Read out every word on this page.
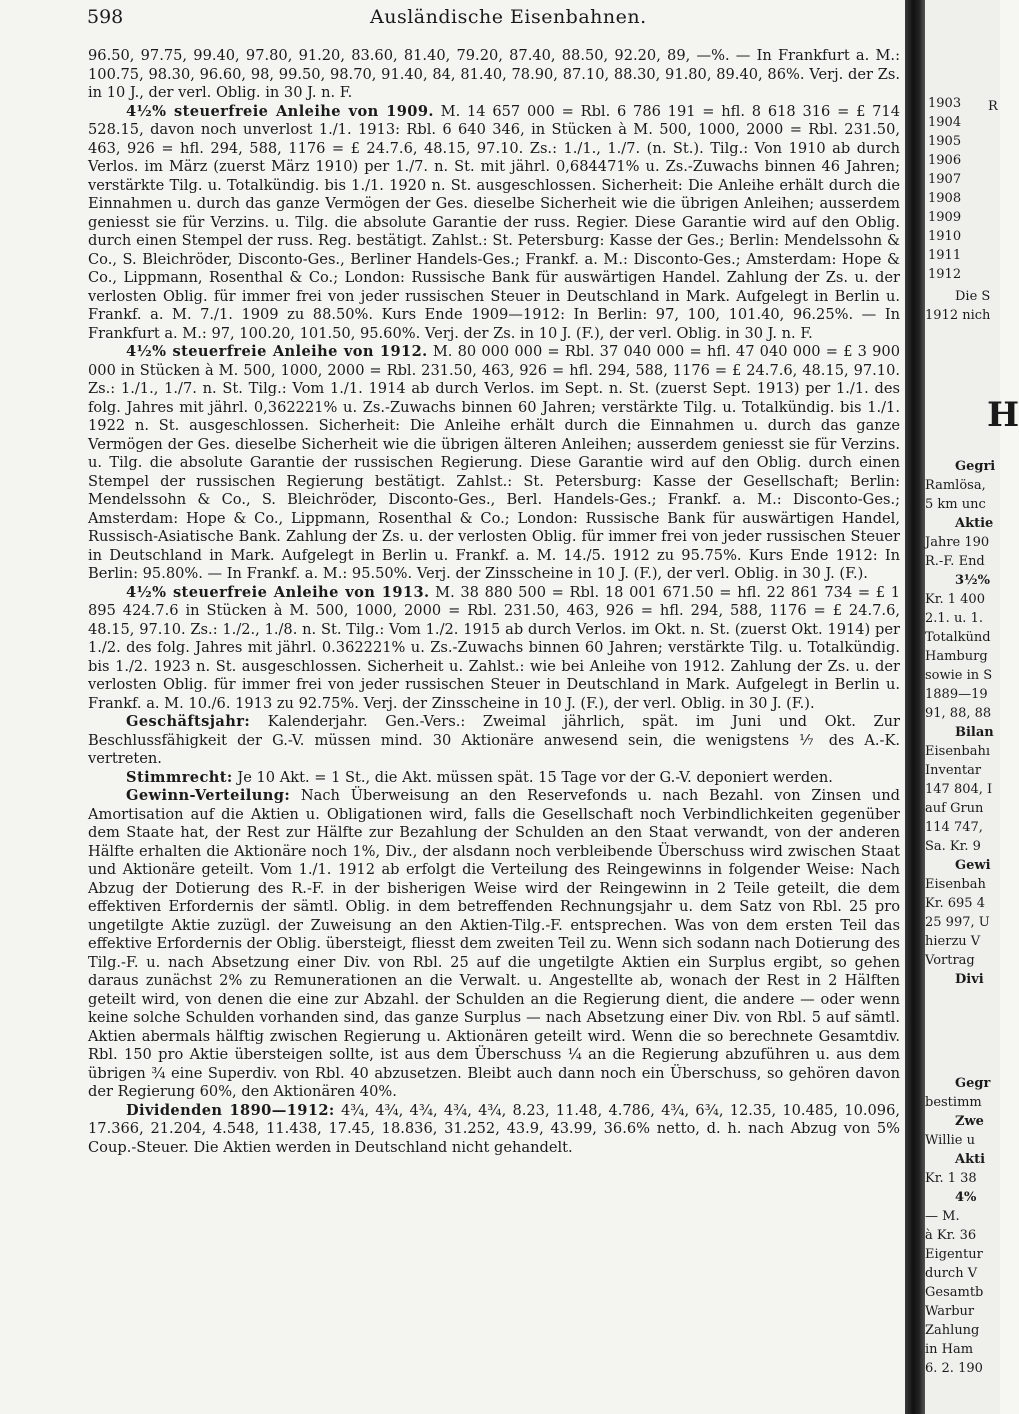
598	Ausländische Eisenbahnen.

96.50, 97.75, 99.40, 97.80, 91.20, 83.60, 81.40, 79.20, 87.40, 88.50, 92.20, 89, —%. — In Frankfurt a. M.: 100.75, 98.30, 96.60, 98, 99.50, 98.70, 91.40, 84, 81.40, 78.90, 87.10, 88.30, 91.80, 89.40, 86%. Verj. der Zs. in 10 J., der verl. Oblig. in 30 J. n. F.

4½% steuerfreie Anleihe von 1909. M. 14 657 000 = Rbl. 6 786 191 = hfl. 8 618 316 = £ 714 528.15, davon noch unverlost 1./1. 1913: Rbl. 6 640 346, in Stücken à M. 500, 1000, 2000 = Rbl. 231.50, 463, 926 = hfl. 294, 588, 1176 = £ 24.7.6, 48.15, 97.10. Zs.: 1./1., 1./7. (n. St.). Tilg.: Von 1910 ab durch Verlos. im März (zuerst März 1910) per 1./7. n. St. mit jährl. 0,684471% u. Zs.-Zuwachs binnen 46 Jahren; verstärkte Tilg. u. Totalkündig. bis 1./1. 1920 n. St. ausgeschlossen. Sicherheit: Die Anleihe erhält durch die Einnahmen u. durch das ganze Vermögen der Ges. dieselbe Sicherheit wie die übrigen Anleihen; ausserdem geniesst sie für Verzins. u. Tilg. die absolute Garantie der russ. Regier. Diese Garantie wird auf den Oblig. durch einen Stempel der russ. Reg. bestätigt. Zahlst.: St. Petersburg: Kasse der Ges.; Berlin: Mendelssohn & Co., S. Bleichröder, Disconto-Ges., Berliner Handels-Ges.; Frankf. a. M.: Disconto-Ges.; Amsterdam: Hope & Co., Lippmann, Rosenthal & Co.; London: Russische Bank für auswärtigen Handel. Zahlung der Zs. u. der verlosten Oblig. für immer frei von jeder russischen Steuer in Deutschland in Mark. Aufgelegt in Berlin u. Frankf. a. M. 7./1. 1909 zu 88.50%. Kurs Ende 1909—1912: In Berlin: 97, 100, 101.40, 96.25%. — In Frankfurt a. M.: 97, 100.20, 101.50, 95.60%. Verj. der Zs. in 10 J. (F.), der verl. Oblig. in 30 J. n. F.

4½% steuerfreie Anleihe von 1912. M. 80 000 000 = Rbl. 37 040 000 = hfl. 47 040 000 = £ 3 900 000 in Stücken à M. 500, 1000, 2000 = Rbl. 231.50, 463, 926 = hfl. 294, 588, 1176 = £ 24.7.6, 48.15, 97.10. Zs.: 1./1., 1./7. n. St. Tilg.: Vom 1./1. 1914 ab durch Verlos. im Sept. n. St. (zuerst Sept. 1913) per 1./1. des folg. Jahres mit jährl. 0,362221% u. Zs.-Zuwachs binnen 60 Jahren; verstärkte Tilg. u. Totalkündig. bis 1./1. 1922 n. St. ausgeschlossen. Sicherheit: Die Anleihe erhält durch die Einnahmen u. durch das ganze Vermögen der Ges. dieselbe Sicherheit wie die übrigen älteren Anleihen; ausserdem geniesst sie für Verzins. u. Tilg. die absolute Garantie der russischen Regierung. Diese Garantie wird auf den Oblig. durch einen Stempel der russischen Regierung bestätigt. Zahlst.: St. Petersburg: Kasse der Gesellschaft; Berlin: Mendelssohn & Co., S. Bleichröder, Disconto-Ges., Berl. Handels-Ges.; Frankf. a. M.: Disconto-Ges.; Amsterdam: Hope & Co., Lippmann, Rosenthal & Co.; London: Russische Bank für auswärtigen Handel, Russisch-Asiatische Bank. Zahlung der Zs. u. der verlosten Oblig. für immer frei von jeder russischen Steuer in Deutschland in Mark. Aufgelegt in Berlin u. Frankf. a. M. 14./5. 1912 zu 95.75%. Kurs Ende 1912: In Berlin: 95.80%. — In Frankf. a. M.: 95.50%. Verj. der Zinsscheine in 10 J. (F.), der verl. Oblig. in 30 J. (F.).

4½% steuerfreie Anleihe von 1913. M. 38 880 500 = Rbl. 18 001 671.50 = hfl. 22 861 734 = £ 1 895 424.7.6 in Stücken à M. 500, 1000, 2000 = Rbl. 231.50, 463, 926 = hfl. 294, 588, 1176 = £ 24.7.6, 48.15, 97.10. Zs.: 1./2., 1./8. n. St. Tilg.: Vom 1./2. 1915 ab durch Verlos. im Okt. n. St. (zuerst Okt. 1914) per 1./2. des folg. Jahres mit jährl. 0.362221% u. Zs.-Zuwachs binnen 60 Jahren; verstärkte Tilg. u. Totalkündig. bis 1./2. 1923 n. St. ausgeschlossen. Sicherheit u. Zahlst.: wie bei Anleihe von 1912. Zahlung der Zs. u. der verlosten Oblig. für immer frei von jeder russischen Steuer in Deutschland in Mark. Aufgelegt in Berlin u. Frankf. a. M. 10./6. 1913 zu 92.75%. Verj. der Zinsscheine in 10 J. (F.), der verl. Oblig. in 30 J. (F.).

Geschäftsjahr: Kalenderjahr. Gen.-Vers.: Zweimal jährlich, spät. im Juni und Okt. Zur Beschlussfähigkeit der G.-V. müssen mind. 30 Aktionäre anwesend sein, die wenigstens ⅐ des A.-K. vertreten.

Stimmrecht: Je 10 Akt. = 1 St., die Akt. müssen spät. 15 Tage vor der G.-V. deponiert werden.

Gewinn-Verteilung: Nach Überweisung an den Reservefonds u. nach Bezahl. von Zinsen und Amortisation auf die Aktien u. Obligationen wird, falls die Gesellschaft noch Verbindlichkeiten gegenüber dem Staate hat, der Rest zur Hälfte zur Bezahlung der Schulden an den Staat verwandt, von der anderen Hälfte erhalten die Aktionäre noch 1%, Div., der alsdann noch verbleibende Überschuss wird zwischen Staat und Aktionäre geteilt. Vom 1./1. 1912 ab erfolgt die Verteilung des Reingewinns in folgender Weise: Nach Abzug der Dotierung des R.-F. in der bisherigen Weise wird der Reingewinn in 2 Teile geteilt, die dem effektiven Erfordernis der sämtl. Oblig. in dem betreffenden Rechnungsjahr u. dem Satz von Rbl. 25 pro ungetilgte Aktie zuzügl. der Zuweisung an den Aktien-Tilg.-F. entsprechen. Was von dem ersten Teil das effektive Erfordernis der Oblig. übersteigt, fliesst dem zweiten Teil zu. Wenn sich sodann nach Dotierung des Tilg.-F. u. nach Absetzung einer Div. von Rbl. 25 auf die ungetilgte Aktien ein Surplus ergibt, so gehen daraus zunächst 2% zu Remunerationen an die Verwalt. u. Angestellte ab, wonach der Rest in 2 Hälften geteilt wird, von denen die eine zur Abzahl. der Schulden an die Regierung dient, die andere — oder wenn keine solche Schulden vorhanden sind, das ganze Surplus — nach Absetzung einer Div. von Rbl. 5 auf sämtl. Aktien abermals hälftig zwischen Regierung u. Aktionären geteilt wird. Wenn die so berechnete Gesamtdiv. Rbl. 150 pro Aktie übersteigen sollte, ist aus dem Überschuss ¼ an die Regierung abzuführen u. aus dem übrigen ¾ eine Superdiv. von Rbl. 40 abzusetzen. Bleibt auch dann noch ein Überschuss, so gehören davon der Regierung 60%, den Aktionären 40%.

Dividenden 1890—1912: 4¾, 4¾, 4¾, 4¾, 4¾, 8.23, 11.48, 4.786, 4¾, 6¾, 12.35, 10.485, 10.096, 17.366, 21.204, 4.548, 11.438, 17.45, 18.836, 31.252, 43.9, 43.99, 36.6% netto, d. h. nach Abzug von 5% Coup.-Steuer. Die Aktien werden in Deutschland nicht gehandelt.

1903
1904
1905
1906
1907
1908
1909
1910
1911
1912
R
Die S
1912 nich
Gegri
Ramlösa,
5 km unc
Aktie
Jahre 190
R.-F. End
3½%
Kr. 1 400
2.1. u. 1.
Totalkünd
Hamburg
sowie in S
1889—19
91, 88, 88
Bilan
Eisenbahı
Inventar
147 804, I
auf Grun
114 747,
Sa. Kr. 9
Gewi
Eisenbah
Kr. 695 4
25 997, U
hierzu V
Vortrag
Divi
Gegr
bestimm
Zwe
Willie u
Akti
Kr. 1 38
4%
— M.
à Kr. 36
Eigentur
durch V
Gesamtb
Warbur
Zahlung
in Ham
6. 2. 190
H
